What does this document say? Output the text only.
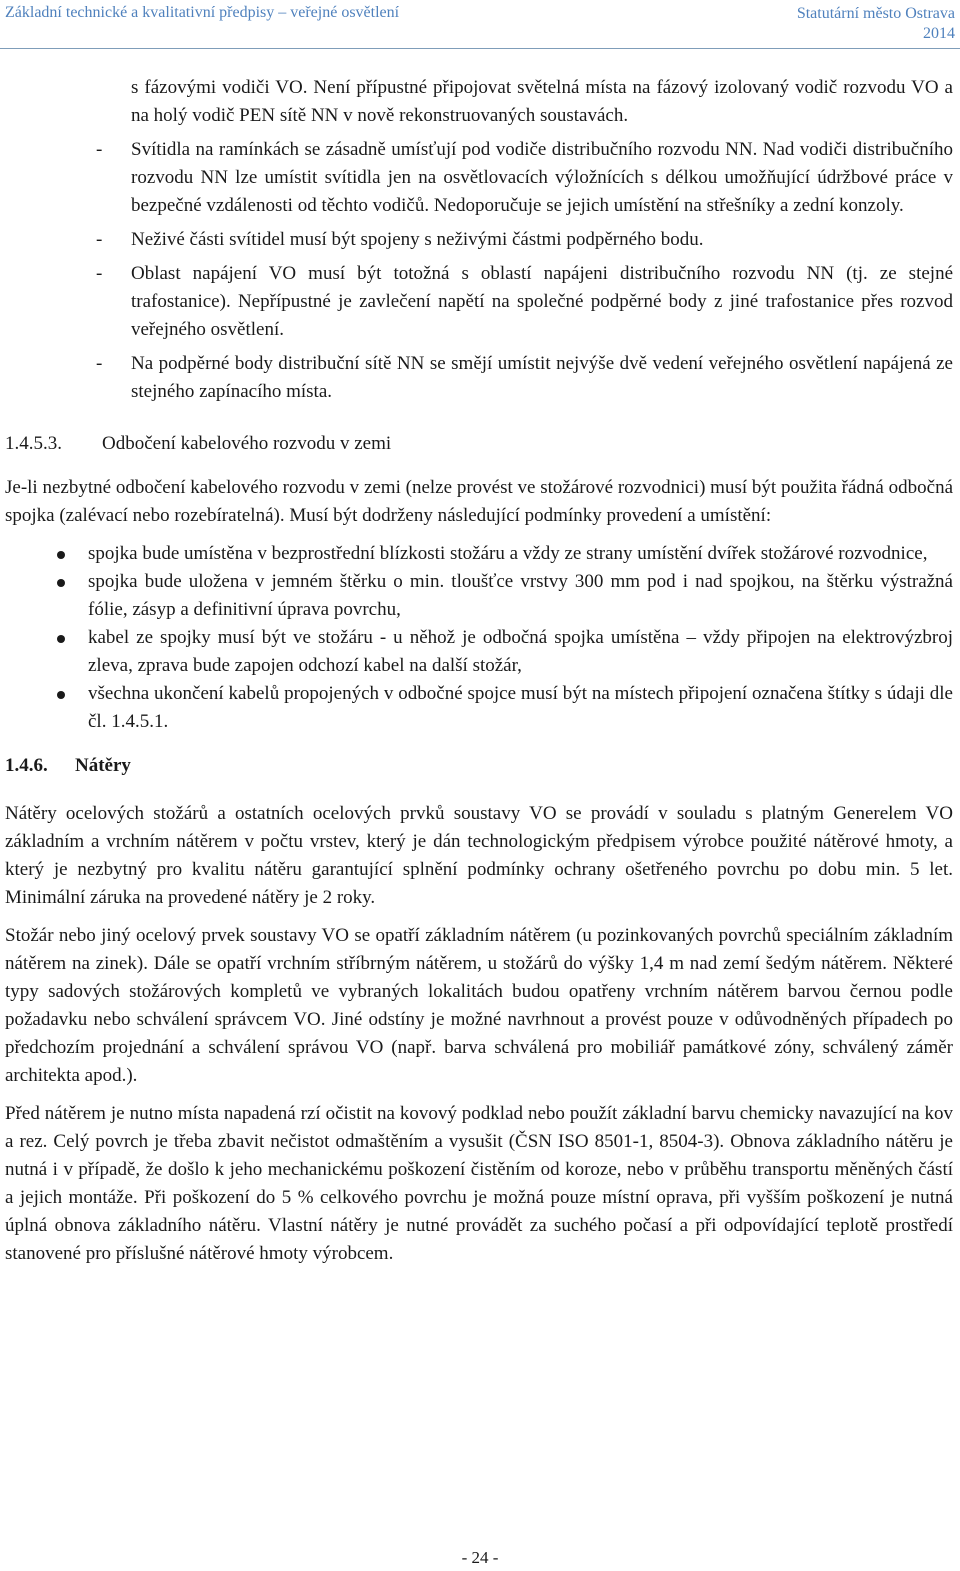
Základní technické a kvalitativní předpisy – veřejné osvětlení	Statutární město Ostrava
2014
s fázovými vodiči VO. Není přípustné připojovat světelná místa na fázový izolovaný vodič rozvodu VO a na holý vodič PEN sítě NN v nově rekonstruovaných soustavách.
- Svítidla na ramínkách se zásadně umísťují pod vodiče distribučního rozvodu NN. Nad vodiči distribučního rozvodu NN lze umístit svítidla jen na osvětlovacích výložnících s délkou umožňující údržbové práce v bezpečné vzdálenosti od těchto vodičů. Nedoporučuje se jejich umístění na střešníky a zední konzoly.
- Neživé části svítidel musí být spojeny s neživými částmi podpěrného bodu.
- Oblast napájení VO musí být totožná s oblastí napájeni distribučního rozvodu NN (tj. ze stejné trafostanice). Nepřípustné je zavlečení napětí na společné podpěrné body z jiné trafostanice přes rozvod veřejného osvětlení.
- Na podpěrné body distribuční sítě NN se smějí umístit nejvýše dvě vedení veřejného osvětlení napájená ze stejného zapínacího místa.
1.4.5.3. Odbočení kabelového rozvodu v zemi

Je-li nezbytné odbočení kabelového rozvodu v zemi (nelze provést ve stožárové rozvodnici) musí být použita řádná odbočná spojka (zalévací nebo rozebíratelná). Musí být dodrženy následující podmínky provedení a umístění:

spojka bude umístěna v bezprostřední blízkosti stožáru a vždy ze strany umístění dvířek stožárové rozvodnice,
spojka bude uložena v jemném štěrku o min. tloušťce vrstvy 300 mm pod i nad spojkou, na štěrku výstražná fólie, zásyp a definitivní úprava povrchu,
kabel ze spojky musí být ve stožáru - u něhož je odbočná spojka umístěna – vždy připojen na elektrovýzbroj zleva, zprava bude zapojen odchozí kabel na další stožár,
všechna ukončení kabelů propojených v odbočné spojce musí být na místech připojení označena štítky s údaji dle čl. 1.4.5.1.
1.4.6. Nátěry

Nátěry ocelových stožárů a ostatních ocelových prvků soustavy VO se provádí v souladu s platným Generelem VO základním a vrchním nátěrem v počtu vrstev, který je dán technologickým předpisem výrobce použité nátěrové hmoty, a který je nezbytný pro kvalitu nátěru garantující splnění podmínky ochrany ošetřeného povrchu po dobu min. 5 let. Minimální záruka na provedené nátěry je 2 roky.

Stožár nebo jiný ocelový prvek soustavy VO se opatří základním nátěrem (u pozinkovaných povrchů speciálním základním nátěrem na zinek). Dále se opatří vrchním stříbrným nátěrem, u stožárů do výšky 1,4 m nad zemí šedým nátěrem. Některé typy sadových stožárových kompletů ve vybraných lokalitách budou opatřeny vrchním nátěrem barvou černou podle požadavku nebo schválení správcem VO. Jiné odstíny je možné navrhnout a provést pouze v odůvodněných případech po předchozím projednání a schválení správou VO (např. barva schválená pro mobiliář památkové zóny, schválený záměr architekta apod.).

Před nátěrem je nutno místa napadená rzí očistit na kovový podklad nebo použít základní barvu chemicky navazující na kov a rez. Celý povrch je třeba zbavit nečistot odmaštěním a vysušit (ČSN ISO 8501-1, 8504-3). Obnova základního nátěru je nutná i v případě, že došlo k jeho mechanickému poškození čistěním od koroze, nebo v průběhu transportu měněných částí a jejich montáže. Při poškození do 5 % celkového povrchu je možná pouze místní oprava, při vyšším poškození je nutná úplná obnova základního nátěru. Vlastní nátěry je nutné provádět za suchého počasí a při odpovídající teplotě prostředí stanovené pro příslušné nátěrové hmoty výrobcem.

- 24 -
